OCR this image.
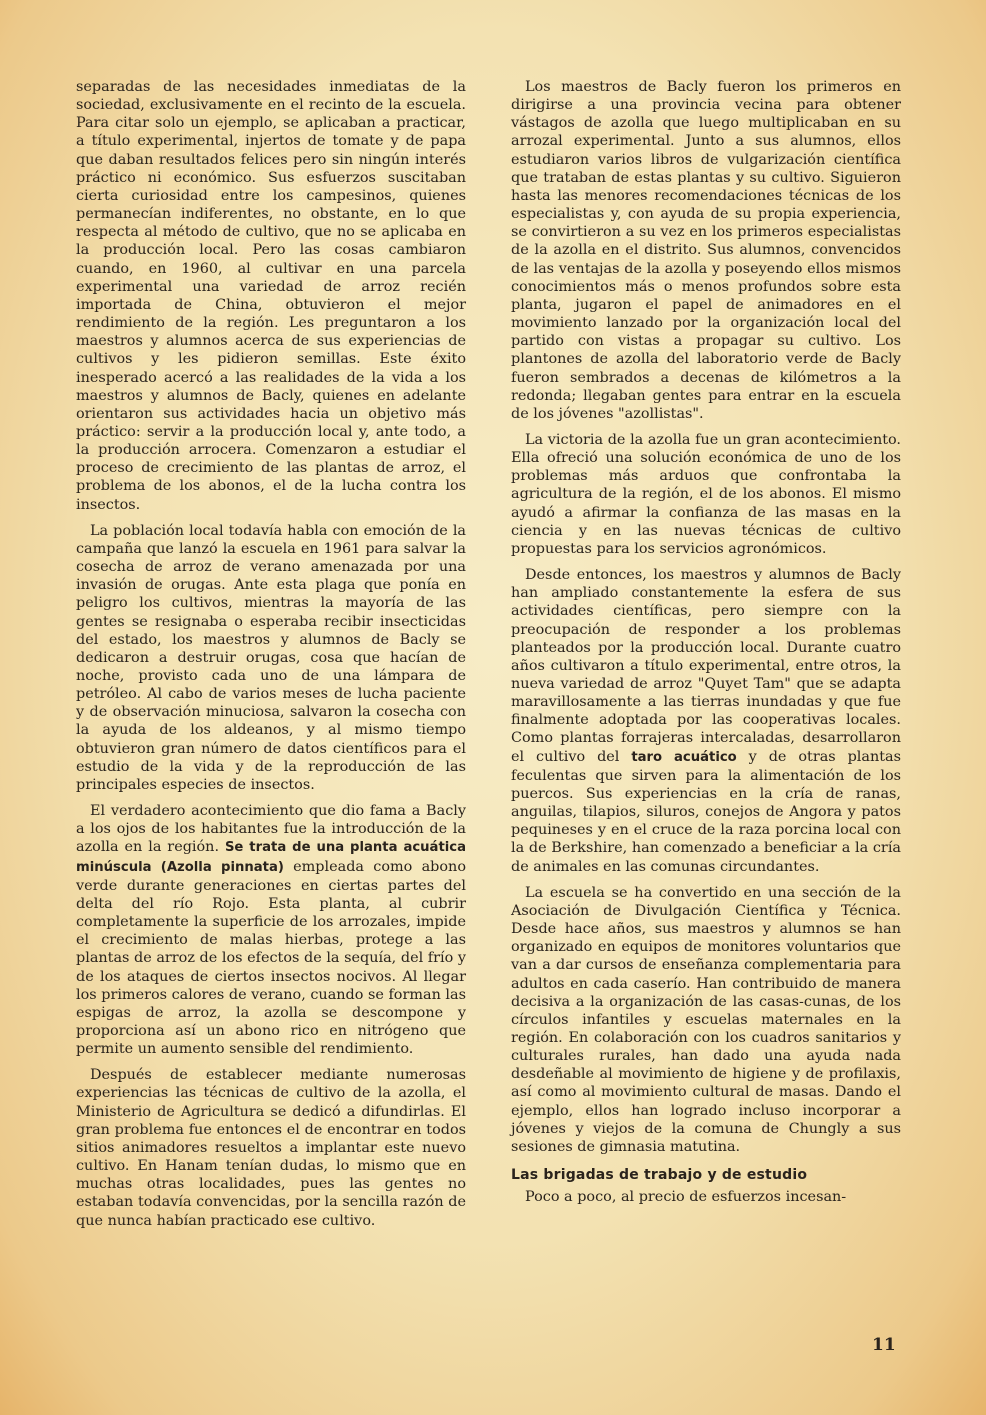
separadas de las necesidades inmediatas de la sociedad, exclusivamente en el recinto de la escuela. Para citar solo un ejemplo, se aplicaban a practicar, a título experimental, injertos de tomate y de papa que daban resultados felices pero sin ningún interés práctico ni económico. Sus esfuerzos suscitaban cierta curiosidad entre los campesinos, quienes permanecían indiferentes, no obstante, en lo que respecta al método de cultivo, que no se aplicaba en la producción local. Pero las cosas cambiaron cuando, en 1960, al cultivar en una parcela experimental una variedad de arroz recién importada de China, obtuvieron el mejor rendimiento de la región. Les preguntaron a los maestros y alumnos acerca de sus experiencias de cultivos y les pidieron semillas. Este éxito inesperado acercó a las realidades de la vida a los maestros y alumnos de Bacly, quienes en adelante orientaron sus actividades hacia un objetivo más práctico: servir a la producción local y, ante todo, a la producción arrocera. Comenzaron a estudiar el proceso de crecimiento de las plantas de arroz, el problema de los abonos, el de la lucha contra los insectos.

La población local todavía habla con emoción de la campaña que lanzó la escuela en 1961 para salvar la cosecha de arroz de verano amenazada por una invasión de orugas. Ante esta plaga que ponía en peligro los cultivos, mientras la mayoría de las gentes se resignaba o esperaba recibir insecticidas del estado, los maestros y alumnos de Bacly se dedicaron a destruir orugas, cosa que hacían de noche, provisto cada uno de una lámpara de petróleo. Al cabo de varios meses de lucha paciente y de observación minuciosa, salvaron la cosecha con la ayuda de los aldeanos, y al mismo tiempo obtuvieron gran número de datos científicos para el estudio de la vida y de la reproducción de las principales especies de insectos.

El verdadero acontecimiento que dio fama a Bacly a los ojos de los habitantes fue la introducción de la azolla en la región. Se trata de una planta acuática minúscula (Azolla pinnata) empleada como abono verde durante generaciones en ciertas partes del delta del río Rojo. Esta planta, al cubrir completamente la superficie de los arrozales, impide el crecimiento de malas hierbas, protege a las plantas de arroz de los efectos de la sequía, del frío y de los ataques de ciertos insectos nocivos. Al llegar los primeros calores de verano, cuando se forman las espigas de arroz, la azolla se descompone y proporciona así un abono rico en nitrógeno que permite un aumento sensible del rendimiento.

Después de establecer mediante numerosas experiencias las técnicas de cultivo de la azolla, el Ministerio de Agricultura se dedicó a difundirlas. El gran problema fue entonces el de encontrar en todos sitios animadores resueltos a implantar este nuevo cultivo. En Hanam tenían dudas, lo mismo que en muchas otras localidades, pues las gentes no estaban todavía convencidas, por la sencilla razón de que nunca habían practicado ese cultivo.

Los maestros de Bacly fueron los primeros en dirigirse a una provincia vecina para obtener vástagos de azolla que luego multiplicaban en su arrozal experimental. Junto a sus alumnos, ellos estudiaron varios libros de vulgarización científica que trataban de estas plantas y su cultivo. Siguieron hasta las menores recomendaciones técnicas de los especialistas y, con ayuda de su propia experiencia, se convirtieron a su vez en los primeros especialistas de la azolla en el distrito. Sus alumnos, convencidos de las ventajas de la azolla y poseyendo ellos mismos conocimientos más o menos profundos sobre esta planta, jugaron el papel de animadores en el movimiento lanzado por la organización local del partido con vistas a propagar su cultivo. Los plantones de azolla del laboratorio verde de Bacly fueron sembrados a decenas de kilómetros a la redonda; llegaban gentes para entrar en la escuela de los jóvenes "azollistas".

La victoria de la azolla fue un gran acontecimiento. Ella ofreció una solución económica de uno de los problemas más arduos que confrontaba la agricultura de la región, el de los abonos. El mismo ayudó a afirmar la confianza de las masas en la ciencia y en las nuevas técnicas de cultivo propuestas para los servicios agronómicos.

Desde entonces, los maestros y alumnos de Bacly han ampliado constantemente la esfera de sus actividades científicas, pero siempre con la preocupación de responder a los problemas planteados por la producción local. Durante cuatro años cultivaron a título experimental, entre otros, la nueva variedad de arroz "Quyet Tam" que se adapta maravillosamente a las tierras inundadas y que fue finalmente adoptada por las cooperativas locales. Como plantas forrajeras intercaladas, desarrollaron el cultivo del taro acuático y de otras plantas feculentas que sirven para la alimentación de los puercos. Sus experiencias en la cría de ranas, anguilas, tilapios, siluros, conejos de Angora y patos pequineses y en el cruce de la raza porcina local con la de Berkshire, han comenzado a beneficiar a la cría de animales en las comunas circundantes.

La escuela se ha convertido en una sección de la Asociación de Divulgación Científica y Técnica. Desde hace años, sus maestros y alumnos se han organizado en equipos de monitores voluntarios que van a dar cursos de enseñanza complementaria para adultos en cada caserío. Han contribuido de manera decisiva a la organización de las casas-cunas, de los círculos infantiles y escuelas maternales en la región. En colaboración con los cuadros sanitarios y culturales rurales, han dado una ayuda nada desdeñable al movimiento de higiene y de profilaxis, así como al movimiento cultural de masas. Dando el ejemplo, ellos han logrado incluso incorporar a jóvenes y viejos de la comuna de Chungly a sus sesiones de gimnasia matutina.

Las brigadas de trabajo y de estudio

Poco a poco, al precio de esfuerzos incesan-

11
